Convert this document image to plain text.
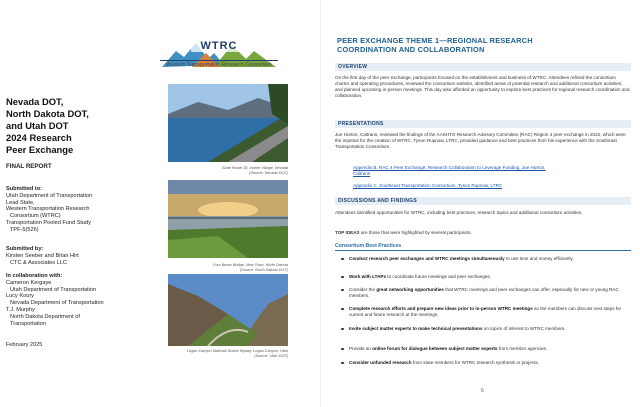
WTRC
Western Transportation Research Consortium
Nevada DOT,
North Dakota DOT,
and Utah DOT
2024 Research
Peer Exchange
FINAL REPORT
Submitted to:
Utah Department of Transportation
Lead State,
Western Transportation Research
Consortium (WTRC)
Transportation Pooled Fund Study
TPF-5(526)
Submitted by:
Kirsten Seeber and Brian Hirt
CTC & Associates LLC
In collaboration with:
Cameron Kergaye
Utah Department of Transportation
Lucy Koury
Nevada Department of Transportation
T.J. Murphy
North Dakota Department of
Transportation
February 2025
State Route 28, Incline Village, Nevada
(Source: Nevada DOT)
Four Bears Bridge, New Town, North Dakota
(Source: North Dakota DOT)
Logan Canyon National Scenic Byway, Logan Canyon, Utah
(Source: Utah DOT)
PEER EXCHANGE THEME 1—REGIONAL RESEARCH
COORDINATION AND COLLABORATION
OVERVIEW
On the first day of the peer exchange, participants focused on the establishment and business of WTRC. Attendees refined the consortium charter and operating procedures, reviewed the consortium website, identified areas of potential research and additional consortium activities, and planned upcoming in-person meetings. This day also afforded an opportunity to explore best practices for regional research coordination and collaboration.
PRESENTATIONS
Joe Horton, Caltrans, reviewed the findings of the AASHTO Research Advisory Committee (RAC) Region 4 peer exchange in 2022, which were the impetus for the creation of WTRC. Tyson Rupnow, LTRC, provided guidance and best practices from his experience with the Southeast Transportation Consortium.
Appendix B. RAC 4 Peer Exchange: Research Collaboration to Leverage Funding, Joe Horton,
Caltrans
Appendix C. Southeast Transportation Consortium, Tyson Rupnow, LTRC
DISCUSSIONS AND FINDINGS
Attendees identified opportunities for WTRC, including best practices, research topics and additional consortium activities.
TOP IDEAS are those that were highlighted by several participants.
Consortium Best Practices
Conduct research peer exchanges and WTRC meetings simultaneously to use time and money efficiently.
Work with LTAPs to coordinate future meetings and peer exchanges.
Consider the great networking opportunities that WTRC meetings and peer exchanges can offer, especially for new or young RAC members.
Complete research efforts and prepare new ideas prior to in-person WTRC meetings so the members can discuss next steps for current and future research at the meetings.
Invite subject matter experts to make technical presentations on topics of interest to WTRC members.
Provide an online forum for dialogue between subject matter experts from member agencies.
Consider unfunded research from state members for WTRC research synthesis or projects.
6
